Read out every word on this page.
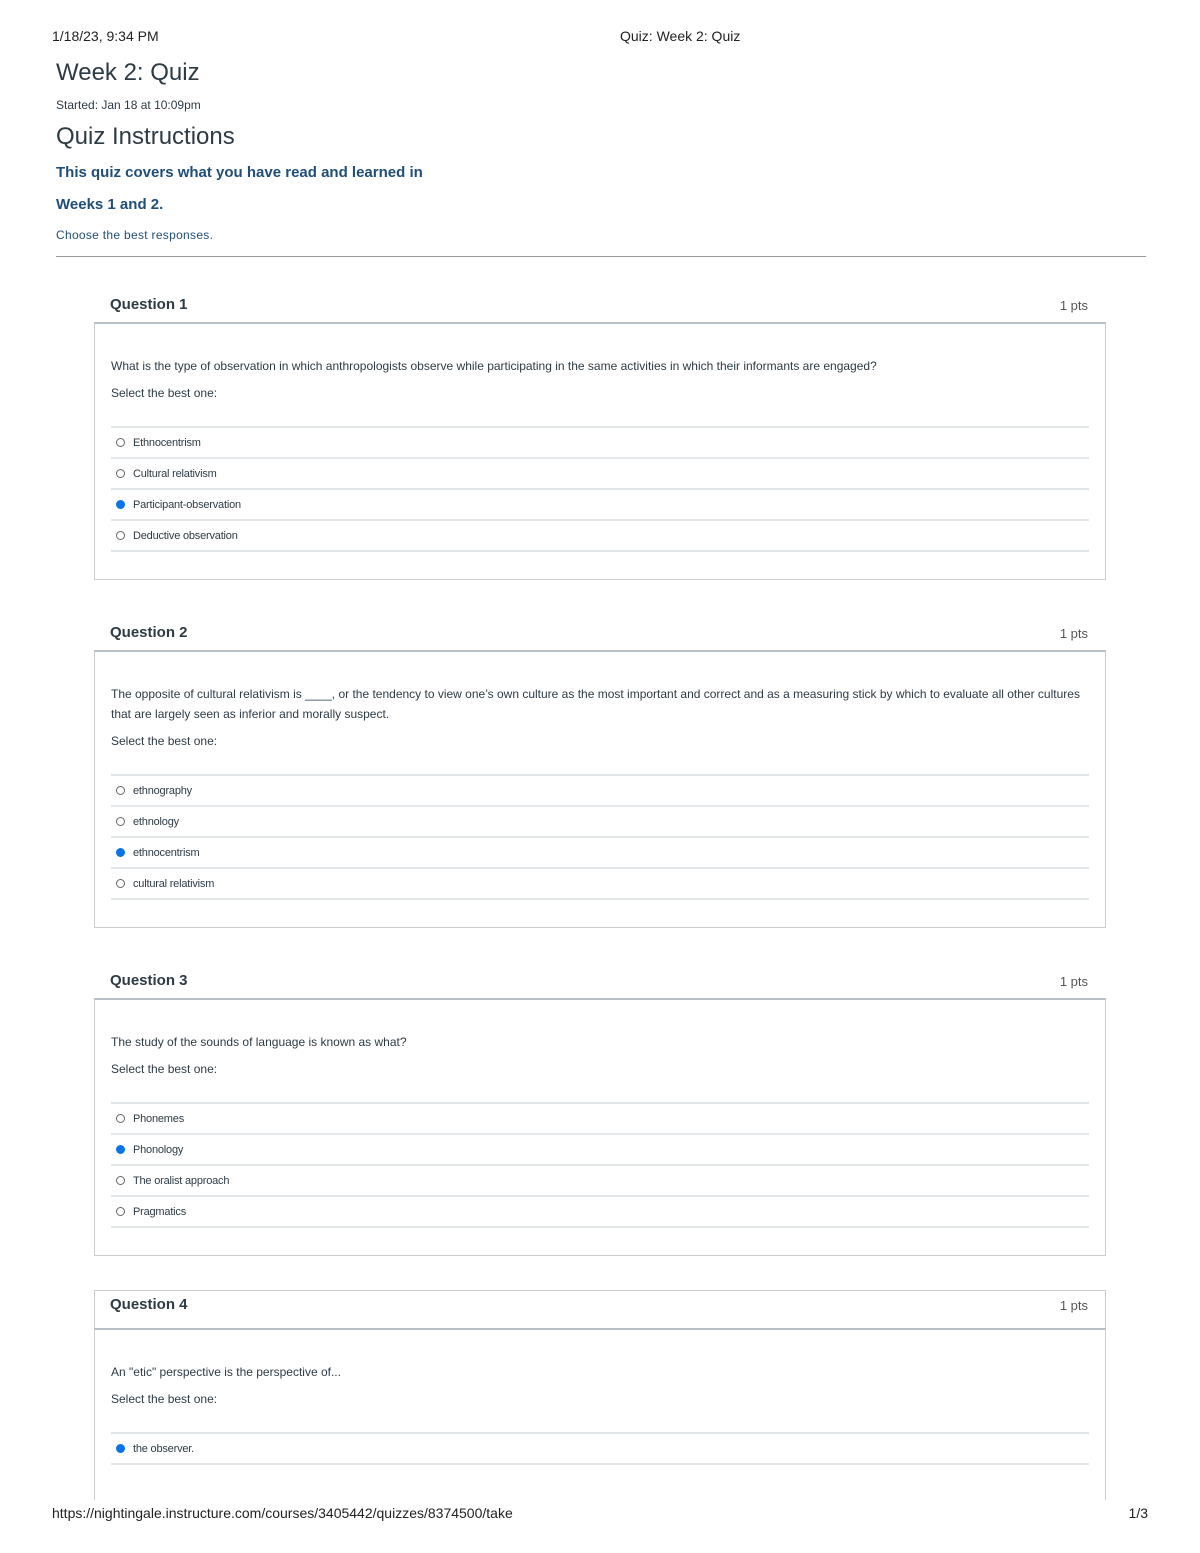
1/18/23, 9:34 PM	Quiz: Week 2: Quiz
Week 2: Quiz
Started: Jan 18 at 10:09pm
Quiz Instructions
This quiz covers what you have read and learned in
Weeks 1 and 2.
Choose the best responses.
Question 1	1 pts
What is the type of observation in which anthropologists observe while participating in the same activities in which their informants are engaged?
Select the best one:
Ethnocentrism
Cultural relativism
Participant-observation
Deductive observation
Question 2	1 pts
The opposite of cultural relativism is ____, or the tendency to view one’s own culture as the most important and correct and as a measuring stick by which to evaluate all other cultures that are largely seen as inferior and morally suspect.
Select the best one:
ethnography
ethnology
ethnocentrism
cultural relativism
Question 3	1 pts
The study of the sounds of language is known as what?
Select the best one:
Phonemes
Phonology
The oralist approach
Pragmatics
Question 4	1 pts
An "etic" perspective is the perspective of...
Select the best one:
the observer.
https://nightingale.instructure.com/courses/3405442/quizzes/8374500/take	1/3
